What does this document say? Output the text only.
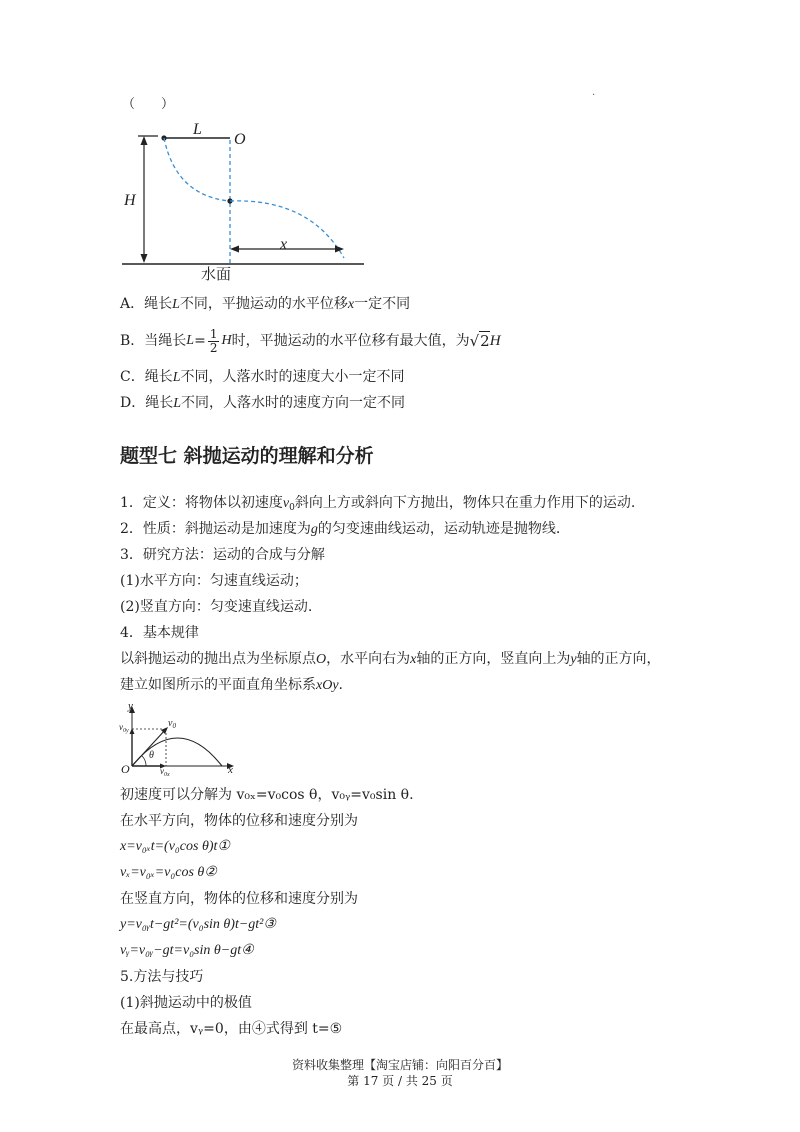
.
（　　）
L
O
H
x
水面
A．绳长L不同，平抛运动的水平位移x一定不同
B．当绳长 $L = \frac{1}{2}$ H 时，平抛运动的水平位移有最大值，为 √2 H
C．绳长L不同，人落水时的速度大小一定不同
D．绳长L不同，人落水时的速度方向一定不同
题型七 斜抛运动的理解和分析
1．定义：将物体以初速度$v_0$斜向上方或斜向下方抛出，物体只在重力作用下的运动.
2．性质：斜抛运动是加速度为g的匀变速曲线运动，运动轨迹是抛物线.
3．研究方法：运动的合成与分解
(1)水平方向：匀速直线运动；
(2)竖直方向：匀变速直线运动.
4．基本规律
以斜抛运动的抛出点为坐标原点O，水平向右为x轴的正方向，竖直向上为y轴的正方向，
建立如图所示的平面直角坐标系xOy.
y
x
O
$v_0$
$v_{0y}$
$v_{0x}$
θ
初速度可以分解为 v₀ₓ=v₀cos θ，v₀ᵧ=v₀sin θ.
在水平方向，物体的位移和速度分别为
x=v₀ₓt=(v₀cos θ)t①
vₓ=v₀ₓ=v₀cos θ②
在竖直方向，物体的位移和速度分别为
y=v₀ᵧt−gt²=(v₀sin θ)t−gt²③
vᵧ=v₀ᵧ−gt=v₀sin θ−gt④
5.方法与技巧
(1)斜抛运动中的极值
在最高点，vᵧ=0，由④式得到 t=⑤
资料收集整理【淘宝店铺：向阳百分百】
第 17 页 / 共 25 页
